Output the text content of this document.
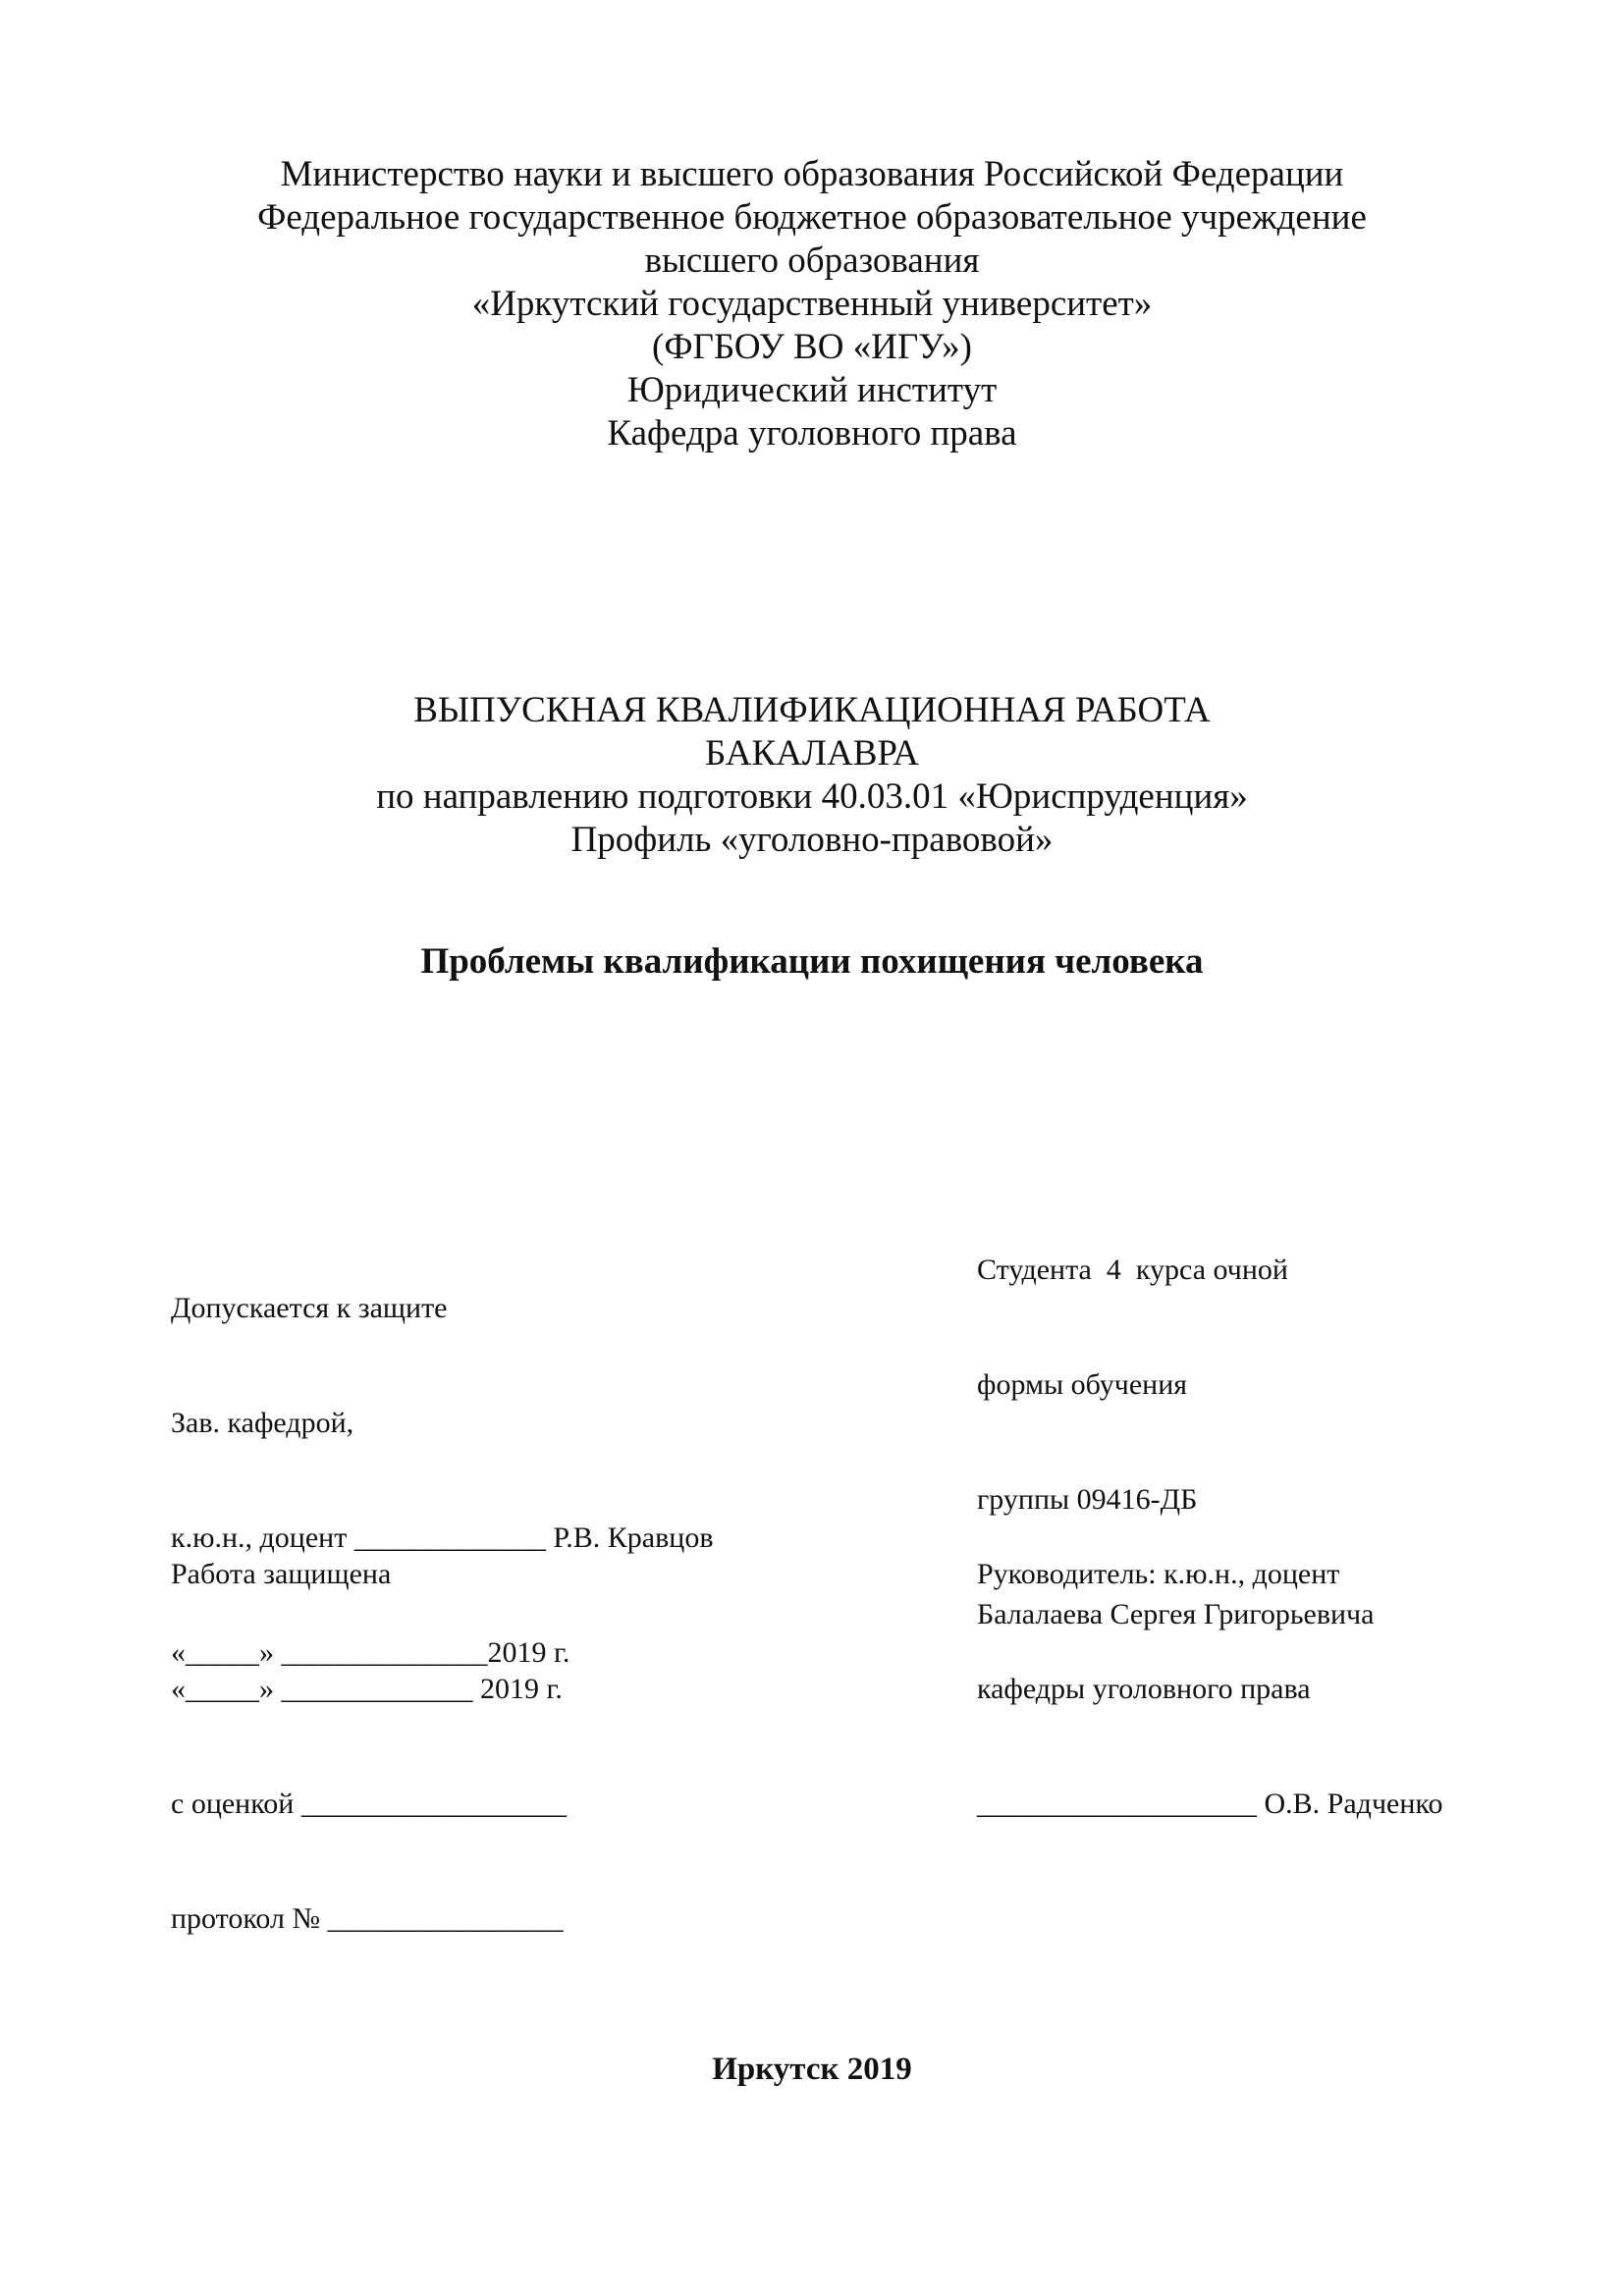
Министерство науки и высшего образования Российской Федерации
Федеральное государственное бюджетное образовательное учреждение
высшего образования
«Иркутский государственный университет»
(ФГБОУ ВО «ИГУ»)
Юридический институт
Кафедра уголовного права
ВЫПУСКНАЯ КВАЛИФИКАЦИОННАЯ РАБОТА
БАКАЛАВРА
по направлению подготовки 40.03.01 «Юриспруденция»
Профиль «уголовно-правовой»
Проблемы квалификации похищения человека

Студента  4  курса очной

формы обучения

группы 09416-ДБ

Балалаева Сергея Григорьевича

Допускается к защите

Зав. кафедрой,

к.ю.н., доцент _____________ Р.В. Кравцов

«_____» ______________2019 г.

Работа защищена

«_____» _____________ 2019 г.

с оценкой __________________

протокол № ________________

Руководитель: к.ю.н., доцент

кафедры уголовного права

___________________ О.В. Радченко

Иркутск 2019
